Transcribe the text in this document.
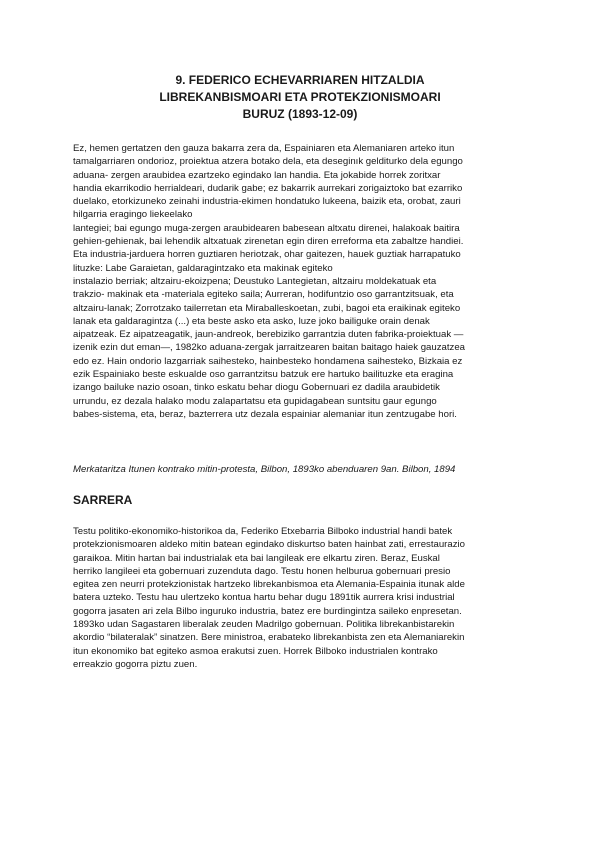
9. FEDERICO ECHEVARRIAREN HITZALDIA
LIBREKANBISMOARI ETA PROTEKZIONISMOARI
BURUZ (1893-12-09)
Ez, hemen gertatzen den gauza bakarra zera da, Espainiaren eta Alemaniaren arteko itun
tamalgarriaren ondorioz, proiektua atzera botako dela, eta deseginık gelditurko dela egungo
aduana- zergen araubidea ezartzeko egindako lan handia. Eta jokabide horrek zoritxar
handia ekarrikodio herrialdeari, dudarik gabe; ez bakarrik aurrekari zorigaiztoko bat ezarriko
duelako, etorkizuneko zeinahi industria-ekimen hondatuko lukeena, baizik eta, orobat, zauri
hilgarria eragingo liekeelako
lantegiei; bai egungo muga-zergen araubidearen babesean altxatu direnei, halakoak baitira
gehien-gehienak, bai lehendik altxatuak zirenetan egin diren erreforma eta zabaltze handiei.
Eta industria-jarduera horren guztiaren heriotzak, ohar gaitezen, hauek guztiak harrapatuko
lituzke: Labe Garaietan, galdaragintzako eta makinak egiteko
instalazio berriak; altzairu-ekoizpena; Deustuko Lantegietan, altzairu moldekatuak eta
trakzio- makinak eta -materiala egiteko saila; Aurreran, hodifuntzio oso garrantzitsuak, eta
altzairu-lanak; Zorrotzako tailerretan eta Miraballeskoetan, zubi, bagoi eta eraikinak egiteko
lanak eta galdaragintza (...) eta beste asko eta asko, luze joko bailiguke orain denak
aipatzeak. Ez aipatzeagatik, jaun-andreok, berebiziko garrantzia duten fabrika-proiektuak —
izenik ezin dut eman—, 1982ko aduana-zergak jarraitzearen baitan baitago haiek gauzatzea
edo ez. Hain ondorio lazgarriak saihesteko, hainbesteko hondamena saihesteko, Bizkaia ez
ezik Espainiako beste eskualde oso garrantzitsu batzuk ere hartuko bailituzke eta eragina
izango bailuke nazio osoan, tinko eskatu behar diogu Gobernuari ez dadila araubidetik
urrundu, ez dezala halako modu zalapartatsu eta gupidagabean suntsitu gaur egungo
babes-sistema, eta, beraz, bazterrera utz dezala espainiar alemaniar itun zentzugabe hori.
Merkataritza Itunen kontrako mitin-protesta, Bilbon, 1893ko abenduaren 9an. Bilbon, 1894
SARRERA
Testu politiko-ekonomiko-historikoa da, Federiko Etxebarria Bilboko industrial handi batek
protekzionismoaren aldeko mitin batean egindako diskurtso baten hainbat zati, errestaurazio
garaikoa. Mitin hartan bai industrialak eta bai langileak ere elkartu ziren. Beraz, Euskal
herriko langileei eta gobernuari zuzenduta dago. Testu honen helburua gobernuari presio
egitea zen neurri protekzionistak hartzeko librekanbismoa eta Alemania-Espainia itunak alde
batera uzteko. Testu hau ulertzeko kontua hartu behar dugu 1891tik aurrera krisi industrial
gogorra jasaten ari zela Bilbo inguruko industria, batez ere burdingintza saileko enpresetan.
1893ko udan Sagastaren liberalak zeuden Madrilgo gobernuan. Politika librekanbistarekin
akordio “bilateralak” sinatzen. Bere ministroa, erabateko librekanbista zen eta Alemaniarekin
itun ekonomiko bat egiteko asmoa erakutsi zuen. Horrek Bilboko industrialen kontrako
erreakzio gogorra piztu zuen.
